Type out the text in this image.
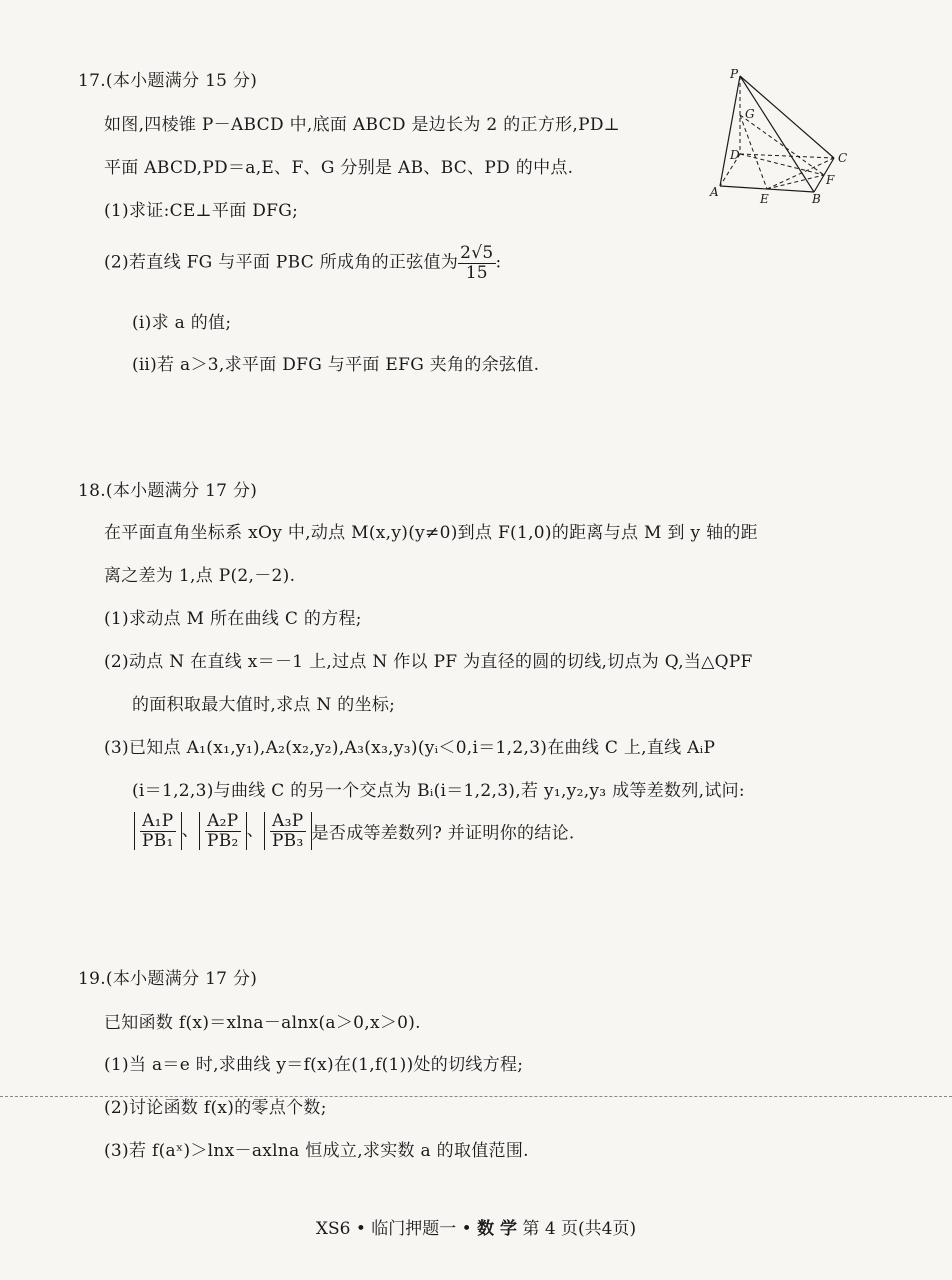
17.(本小题满分 15 分)
如图,四棱锥 P－ABCD 中,底面 ABCD 是边长为 2 的正方形,PD⊥
平面 ABCD,PD＝a,E、F、G 分别是 AB、BC、PD 的中点.
(1)求证:CE⊥平面 DFG;
(2)若直线 FG 与平面 PBC 所成角的正弦值为 $\frac{2√5}{15}$ :
(ⅰ)求 a 的值;
(ⅱ)若 a＞3,求平面 DFG 与平面 EFG 夹角的余弦值.
P
G
D	C
A	E	B
F
18.(本小题满分 17 分)
在平面直角坐标系 xOy 中,动点 M(x,y)(y≠0)到点 F(1,0)的距离与点 M 到 y 轴的距
离之差为 1,点 P(2,－2).
(1)求动点 M 所在曲线 C 的方程;
(2)动点 N 在直线 x＝－1 上,过点 N 作以 PF 为直径的圆的切线,切点为 Q,当△QPF
的面积取最大值时,求点 N 的坐标;
(3)已知点 A₁(x₁,y₁),A₂(x₂,y₂),A₃(x₃,y₃)(yᵢ＜0,i＝1,2,3)在曲线 C 上,直线 AᵢP
(i＝1,2,3)与曲线 C 的另一个交点为 Bᵢ(i＝1,2,3),若 y₁,y₂,y₃ 成等差数列,试问:
$\frac{\text{A₁P}}{\text{PB₁}}$ 、 $\frac{\text{A₂P}}{\text{PB₂}}$ 、 $\frac{\text{A₃P}}{\text{PB₃}}$ 是否成等差数列? 并证明你的结论.
19.(本小题满分 17 分)
已知函数 f(x)＝xlna－alnx(a＞0,x＞0).
(1)当 a＝e 时,求曲线 y＝f(x)在(1,f(1))处的切线方程;
(2)讨论函数 f(x)的零点个数;
(3)若 f(aˣ)＞lnx－axlna 恒成立,求实数 a 的取值范围.
XS6 • 临门押题一 • 数 学 第 4 页(共4页)
